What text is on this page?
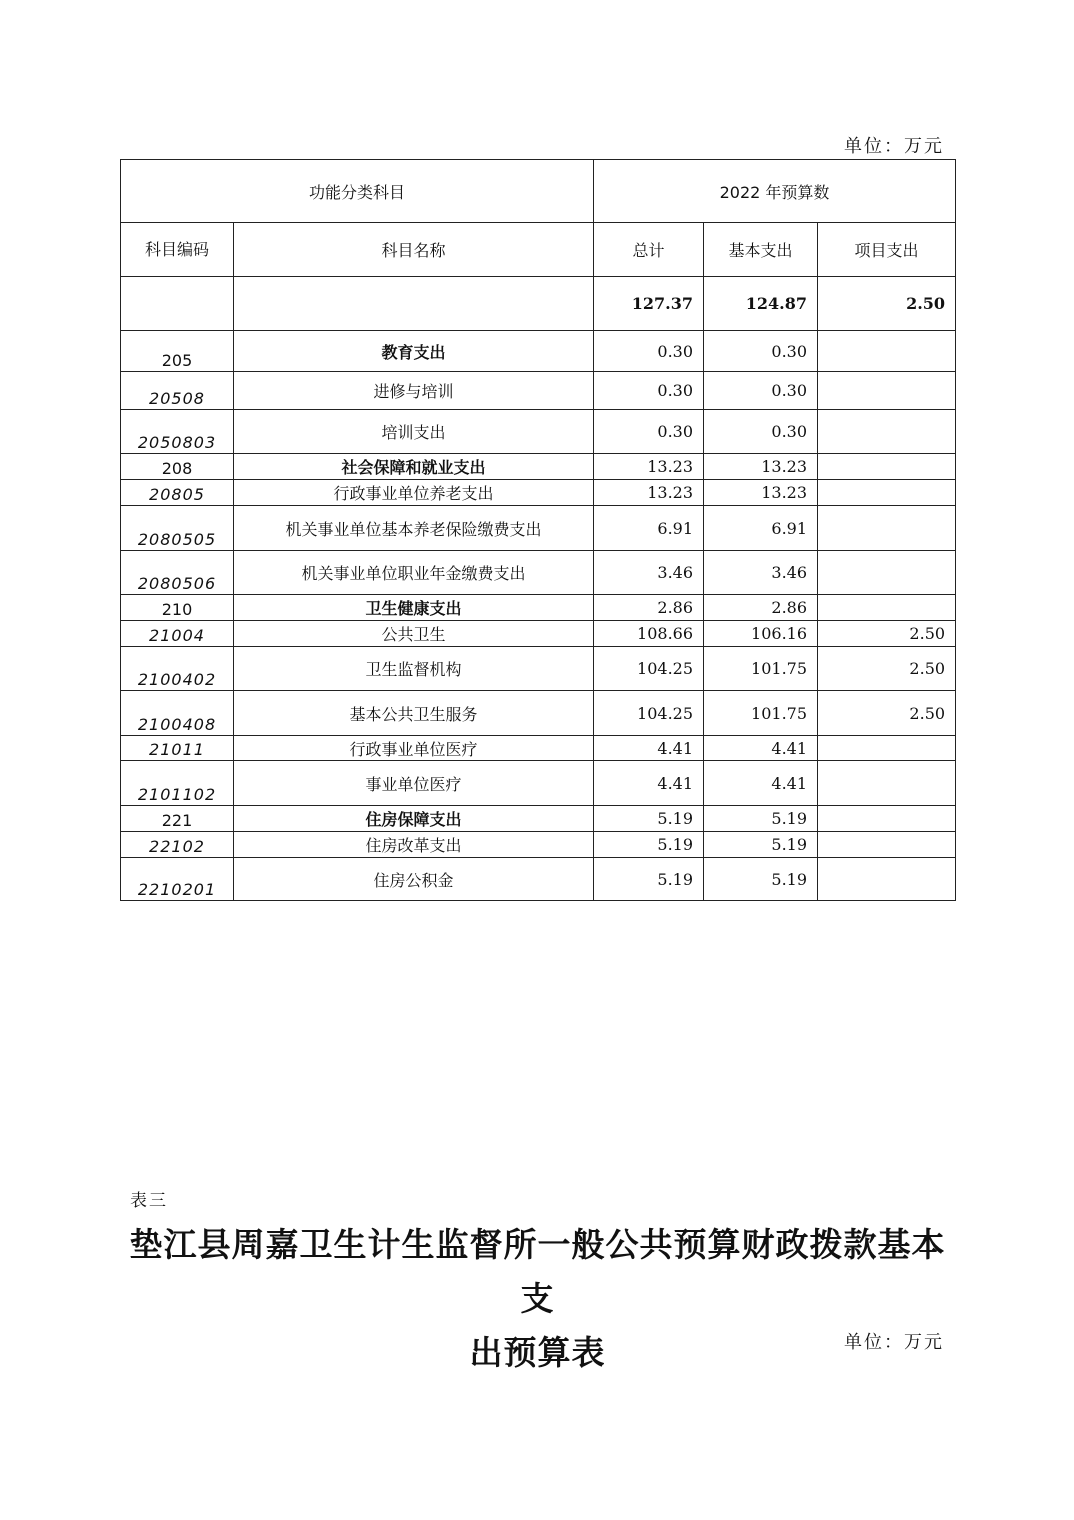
单位：万元
功能分类科目		2022 年预算数		
科目编码	科目名称	总计	基本支出	项目支出
		127.37	124.87	2.50
205	教育支出	0.30	0.30	
20508	进修与培训	0.30	0.30	
2050803	培训支出	0.30	0.30	
208	社会保障和就业支出	13.23	13.23	
20805	行政事业单位养老支出	13.23	13.23	
2080505	机关事业单位基本养老保险缴费支出	6.91	6.91	
2080506	机关事业单位职业年金缴费支出	3.46	3.46	
210	卫生健康支出	2.86	2.86	
21004	公共卫生	108.66	106.16	2.50
2100402	卫生监督机构	104.25	101.75	2.50
2100408	基本公共卫生服务	104.25	101.75	2.50
21011	行政事业单位医疗	4.41	4.41	
2101102	事业单位医疗	4.41	4.41	
221	住房保障支出	5.19	5.19	
22102	住房改革支出	5.19	5.19	
2210201	住房公积金	5.19	5.19	
表三
垫江县周嘉卫生计生监督所一般公共预算财政拨款基本支
出预算表	单位：万元
